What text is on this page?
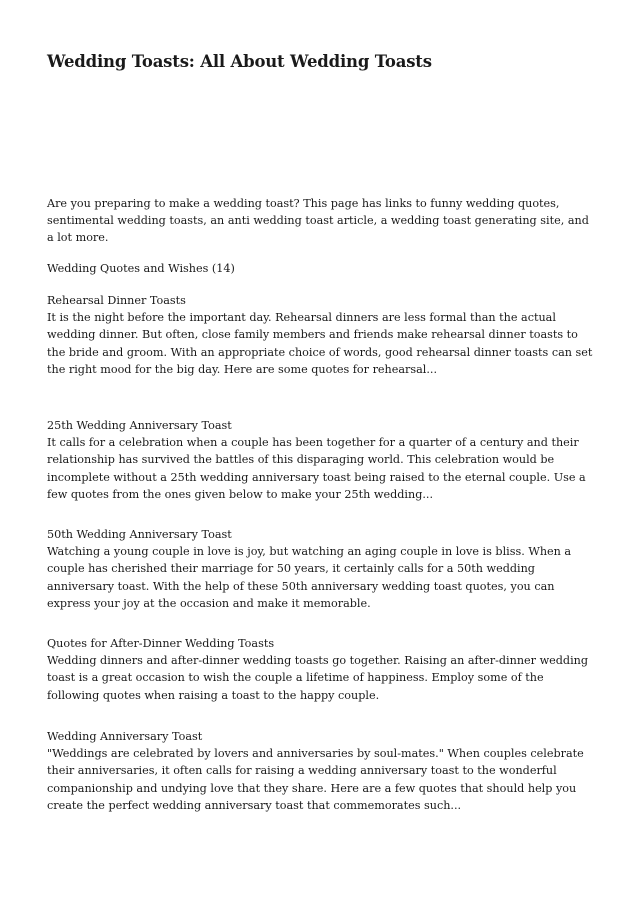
Wedding Toasts: All About Wedding Toasts

Are you preparing to make a wedding toast? This page has links to funny wedding quotes, sentimental wedding toasts, an anti wedding toast article, a wedding toast generating site, and a lot more.

Wedding Quotes and Wishes (14)

Rehearsal Dinner Toasts

It is the night before the important day. Rehearsal dinners are less formal than the actual wedding dinner. But often, close family members and friends make rehearsal dinner toasts to the bride and groom. With an appropriate choice of words, good rehearsal dinner toasts can set the right mood for the big day. Here are some quotes for rehearsal...

25th Wedding Anniversary Toast

It calls for a celebration when a couple has been together for a quarter of a century and their relationship has survived the battles of this disparaging world. This celebration would be incomplete without a 25th wedding anniversary toast being raised to the eternal couple. Use a few quotes from the ones given below to make your 25th wedding...

50th Wedding Anniversary Toast

Watching a young couple in love is joy, but watching an aging couple in love is bliss. When a couple has cherished their marriage for 50 years, it certainly calls for a 50th wedding anniversary toast. With the help of these 50th anniversary wedding toast quotes, you can express your joy at the occasion and make it memorable.

Quotes for After-Dinner Wedding Toasts

Wedding dinners and after-dinner wedding toasts go together. Raising an after-dinner wedding toast is a great occasion to wish the couple a lifetime of happiness. Employ some of the following quotes when raising a toast to the happy couple.

Wedding Anniversary Toast

"Weddings are celebrated by lovers and anniversaries by soul-mates." When couples celebrate their anniversaries, it often calls for raising a wedding anniversary toast to the wonderful companionship and undying love that they share. Here are a few quotes that should help you create the perfect wedding anniversary toast that commemorates such...
